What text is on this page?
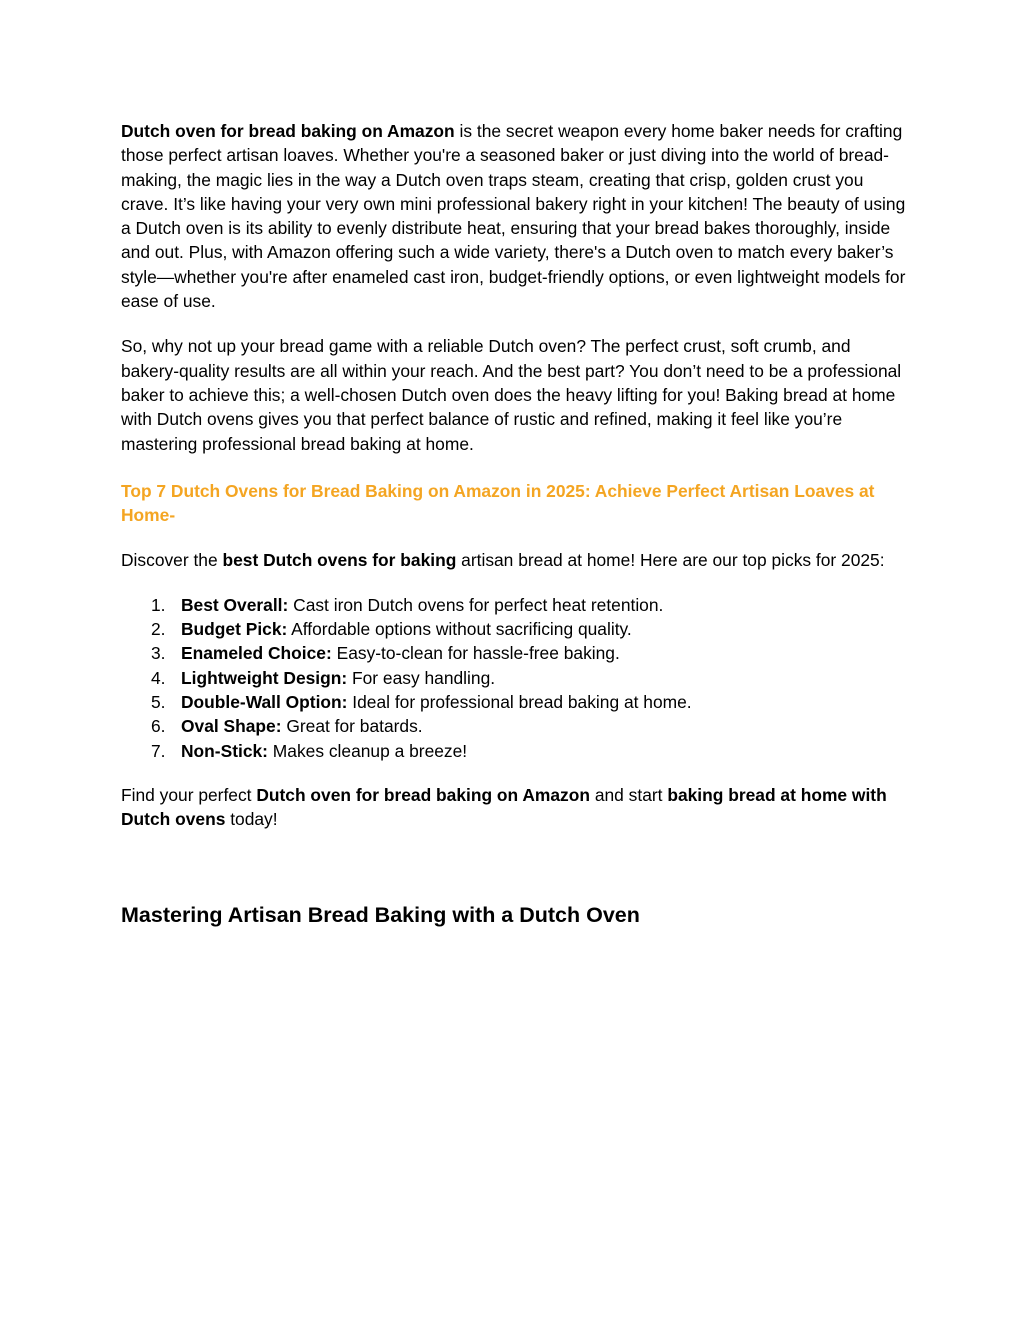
Dutch oven for bread baking on Amazon is the secret weapon every home baker needs for crafting those perfect artisan loaves. Whether you're a seasoned baker or just diving into the world of bread-making, the magic lies in the way a Dutch oven traps steam, creating that crisp, golden crust you crave. It’s like having your very own mini professional bakery right in your kitchen! The beauty of using a Dutch oven is its ability to evenly distribute heat, ensuring that your bread bakes thoroughly, inside and out. Plus, with Amazon offering such a wide variety, there's a Dutch oven to match every baker’s style—whether you're after enameled cast iron, budget-friendly options, or even lightweight models for ease of use.

So, why not up your bread game with a reliable Dutch oven? The perfect crust, soft crumb, and bakery-quality results are all within your reach. And the best part? You don’t need to be a professional baker to achieve this; a well-chosen Dutch oven does the heavy lifting for you! Baking bread at home with Dutch ovens gives you that perfect balance of rustic and refined, making it feel like you’re mastering professional bread baking at home.

Top 7 Dutch Ovens for Bread Baking on Amazon in 2025: Achieve Perfect Artisan Loaves at Home-

Discover the best Dutch ovens for baking artisan bread at home! Here are our top picks for 2025:

1. Best Overall: Cast iron Dutch ovens for perfect heat retention.
2. Budget Pick: Affordable options without sacrificing quality.
3. Enameled Choice: Easy-to-clean for hassle-free baking.
4. Lightweight Design: For easy handling.
5. Double-Wall Option: Ideal for professional bread baking at home.
6. Oval Shape: Great for batards.
7. Non-Stick: Makes cleanup a breeze!

Find your perfect Dutch oven for bread baking on Amazon and start baking bread at home with Dutch ovens today!

Mastering Artisan Bread Baking with a Dutch Oven
